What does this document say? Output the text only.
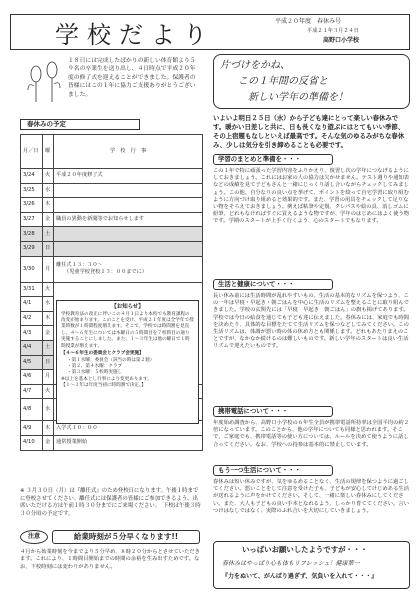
学校だより	平成２０年度　春休み号
平成２１年３月２４日
高野口小学校
１８日には完成したばかりの新しい体育館より５９名の卒業生を送り出し、４日時点で平成２０年度の修了式を迎えることができました。保護者の皆様にはこの１年に協力ご支援ありがとうございました。
春休みの予定
月／日	曜	学　校　行　事
3/24	火	平成２０年度修了式
3/25	水	
3/26	木	
3/27	金	職員の異動を新聞等でお知らせします
3/28	土	
3/29	日	
3/30	月	離任式１３：３０～
（児童学校登校１３：００までに）

3/31	火	
4/1	水	
4/2	木	
4/3	金	
4/4	土	
4/5	日	
4/6	月	
4/7	火	
4/8	水	

4/9	木	入学式１０：００
4/10	金	通常授業開始
【お知らせ】

学校教育法の改正に伴いこの４月１日より本校でも教育課程の改変が始まります。このことを受け、平成２１年度は全学年で授業時数が１時間程度増えます。そこで、学校では時間割を見直し、４～６年生については木曜日の５時間目を７校時目の通り実施することにしました。また、１～３年生は他の曜日で１時間授業が増えます。

【４～６年生の委員会とクラブ会実施】
・第１水曜：委員会（該当の時は第２週）
・第２、第４水曜：クラブ
・第３水曜：５校時実施し
※以上を基本とし行事により変更あります。
【１～３年は年度当初に時間割で決定。】
※ ３月３０日（月）は『離任式』のため登校日になります。午後１時までに登校させてください。離任式には保護者の皆様にご参加できるよう、出席いただける方は午前１時３０分までにご来場ください。　下校は午後３時３０分頃の予定です。
注意	給業時刻が５分早くなります!!
４月から始業時刻を今までより５分早め、８時２０分からとさせていただきます。これにより、１時間目開始までの時間の余裕を生み出すためです。なお、下校時刻には変わりがありません。
片づけをかね、
この１年間の反省と
新しい学年の準備を！
いよいよ明日２５日（水）から子ども達にとって楽しい春休みです。暖かい日差しと共に、日も長くなり遊ぶにはとてもいい季節、その上宿題もなしといえば最高です。そんな気のゆるみがちな春休み、少しは気分を引き締めることも必要です。
学習のまとめと準備を・・・
この１年で特に頑張った学習内容をふりかえり、復習し次の学年につなげるようにしておきましょう。これにはお家の人の協力は欠かせません。テスト週りや通知表などの成績を見て子どもさんと一緒にじっくり話し合いながらチェックしてみましょう。この他、自分なりの良い点を挙げて、ポイントを絞って自宅学習に取り組むように方向づけ取り組めると効果的です。また、学習の用具をチェックして足りない物をそろえておきましょう。例えば粘筆や定規、クレパスや絵の具、消しゴムに紛筆、どれもなければすぐに買えるような物ですが、学年のはじめにはよく使う物です。学期のスタートが上手く行くよう、心のスタートでもなります。
生活と健康について・・・
長い休み前には生活時間が乱れやすいもの、生活の基本的なリズムを保つよう、この一年は早寝・早起き・朝ごはんを中心に生活のリズムを整えることに取り組んできました。学校の玄関先には「早寝　早起き　朝ごはん」の旗も掲げてあります。学校では今日の給食を通じても子ども達に伝えました。春休みには、家庭でも時間を決めたり、具体的な目標をたてて生活リズムを保つなどしてみてください。この生活リズムは、体調が悪い時の体の休め方とも関係します。どれもあたりまえのことですが、なかなか続けるのは難しいものです。新しい学年のスタートは良い生活リズムで迎えたいものです。
携帯電話について・・・
年度始め調査から、高野口小学校の６年生全員が携帯電話所持率は全国平均の約２倍になっています。このことから、他の学年についても同様と思われます。そこで、ご家庭でも、携帯電話等の使い方については、ルールを決めて使うように話し合ってください。なお、学校への持参は基本的に禁止しています。
もう一つ生活について・・・
春休みは短い休みですが、気をゆるめることなく、生活の規律を保つように過ごしてください。悪いことをして注意を受けた子も、子どもが安心してけじめある生活が送れるように声をかけてください。そして、一緒に楽しい春休みにしてください。また、大人も子どもの良い手本となれるよう、しっかり育ててください。言いつけはなしではなく、実際のふれ合いを大切にしていきましょう。
いっぱいお願いしたようですが・・・
春休みはやっぱり心も体もリフレッシュ！健康第一
『力をぬいて、がんばり過ぎず、気負いを入れて・・・』
